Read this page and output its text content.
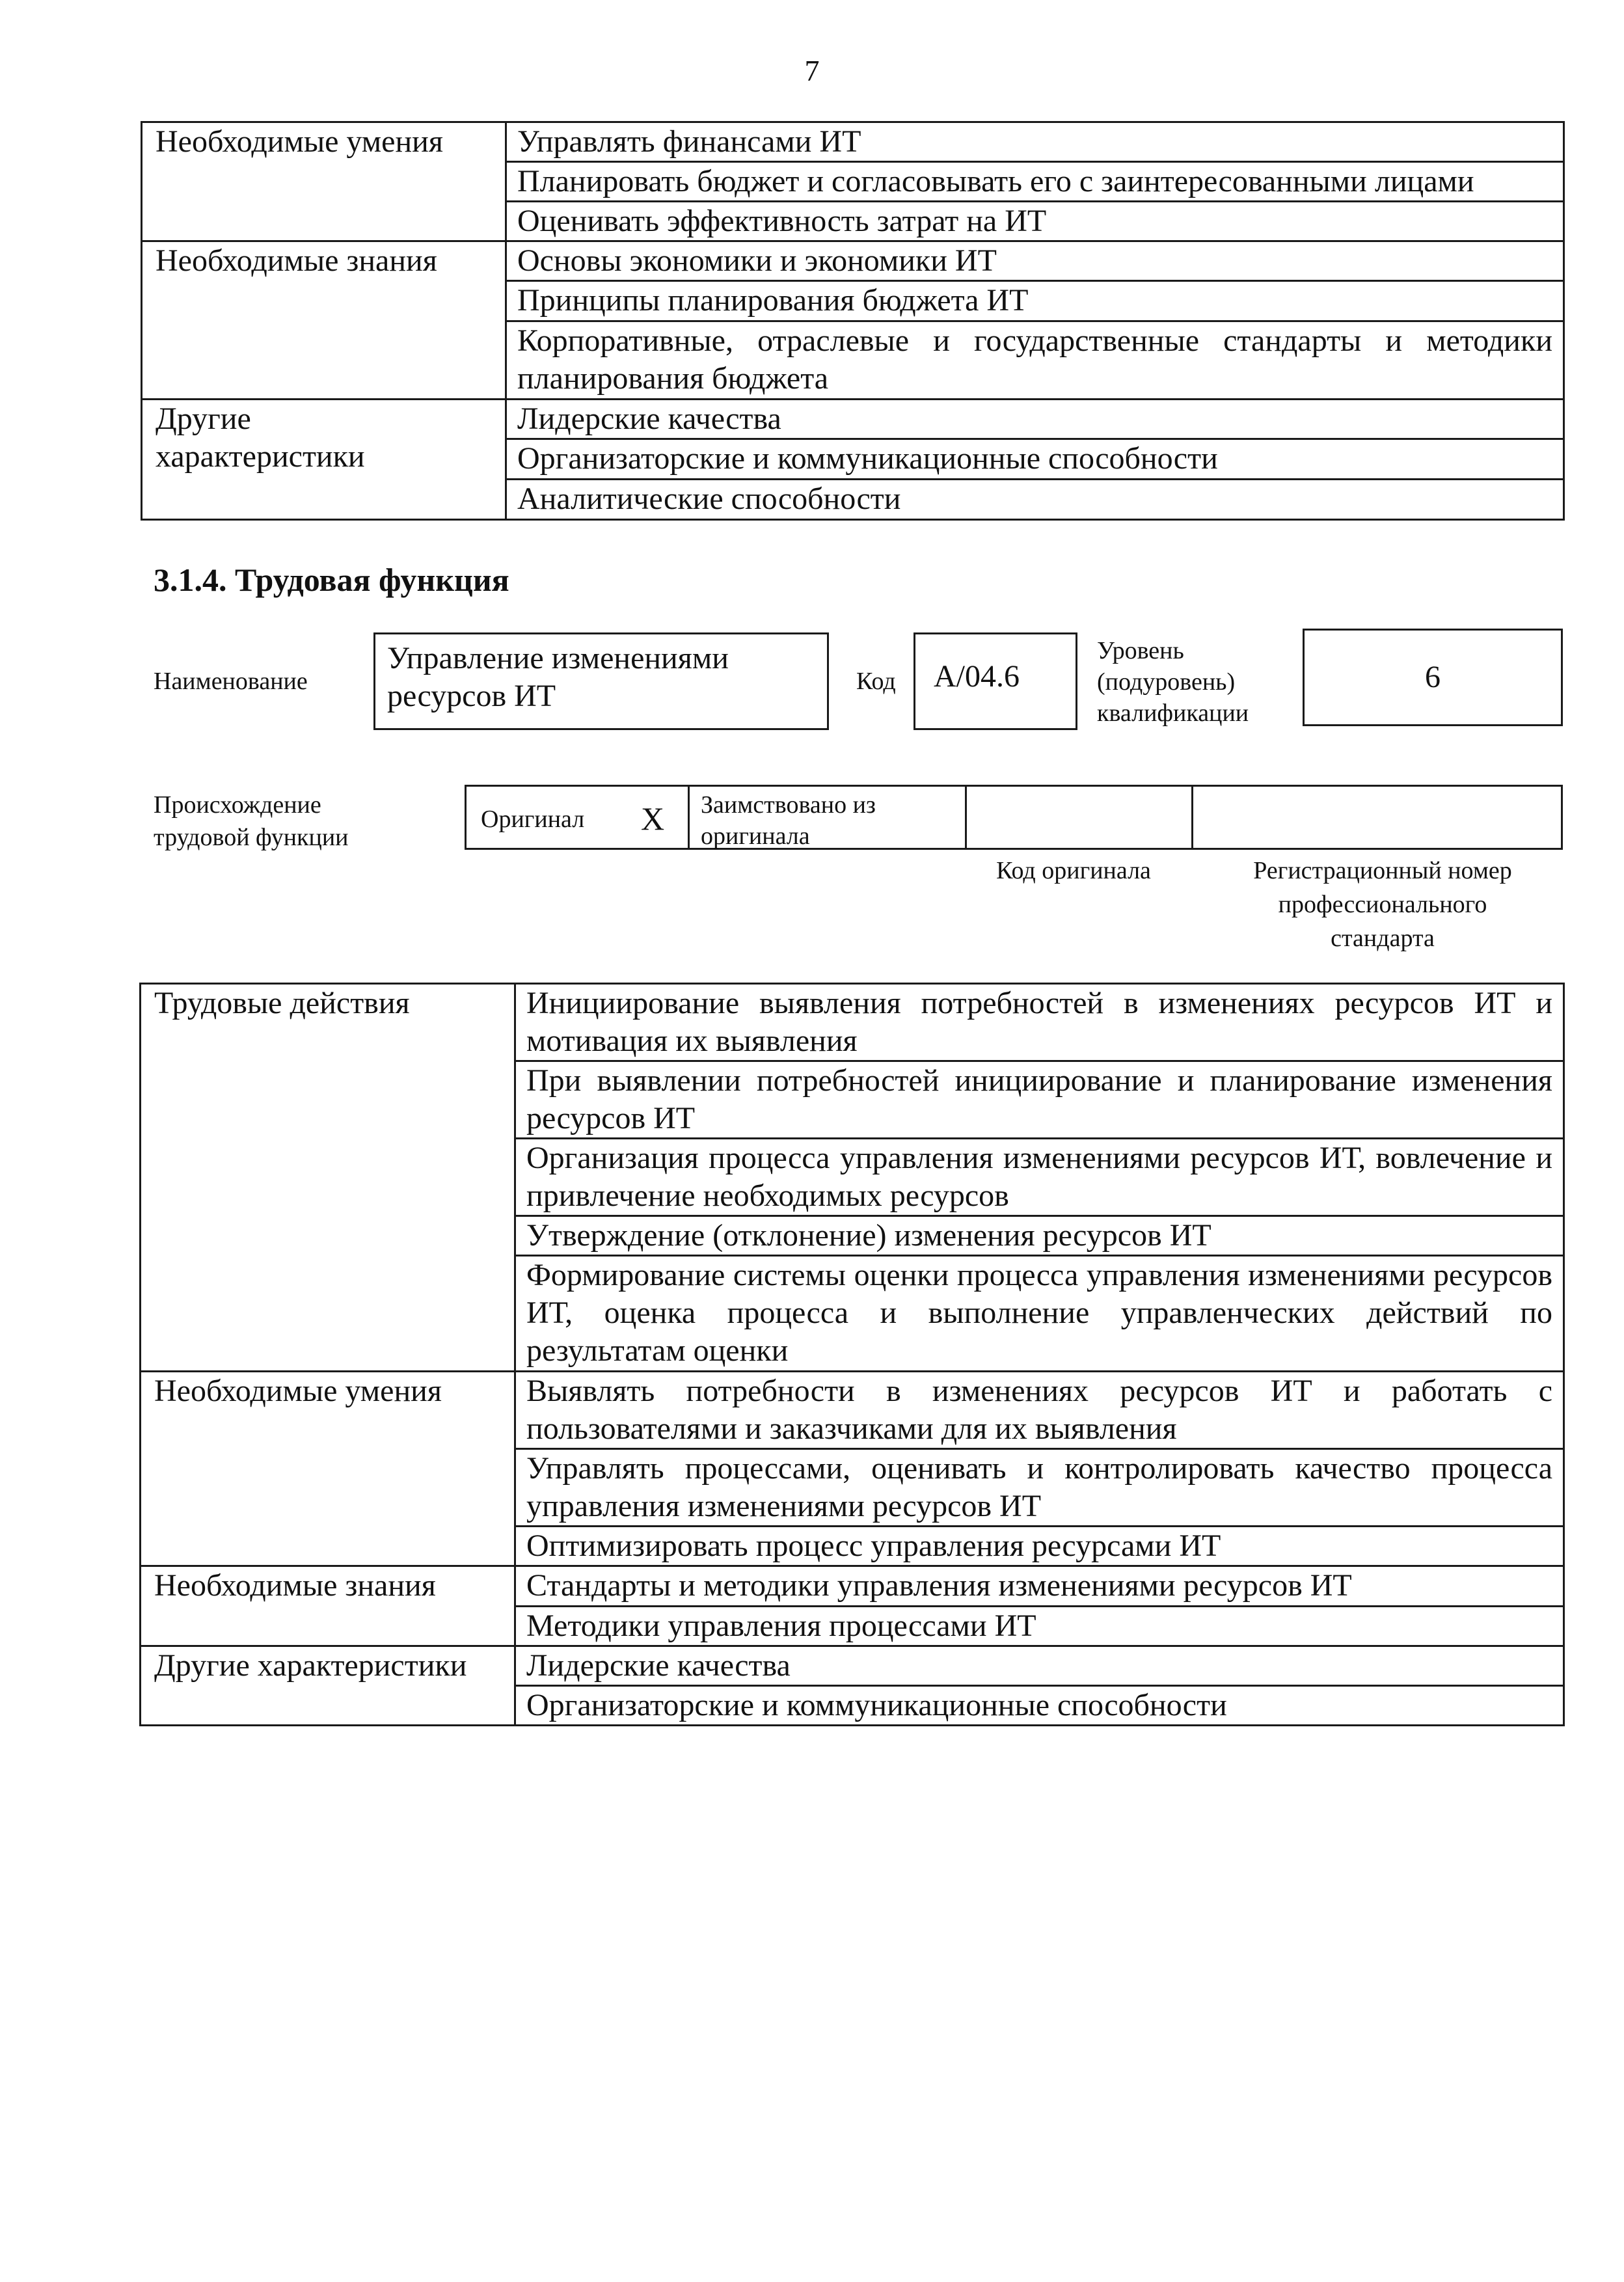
7
Необходимые умения	Управлять финансами ИТ
	Планировать бюджет и согласовывать его с заинтересованными лицами
	Оценивать эффективность затрат на ИТ
Необходимые знания	Основы экономики и экономики ИТ
	Принципы планирования бюджета ИТ
	Корпоративные, отраслевые и государственные стандарты и методики планирования бюджета

Другие характеристики	Лидерские качества
	Организаторские и коммуникационные способности
	Аналитические способности
3.1.4. Трудовая функция
Наименование
Управление изменениями ресурсов ИТ	Код	A/04.6
Уровень (подуровень) квалификации
6
Происхождение трудовой функции
Оригинал X Заимствовано из оригинала
Код оригинала	Регистрационный номер профессионального стандарта
Трудовые действия	Инициирование выявления потребностей в изменениях ресурсов ИТ и мотивация их выявления
	При выявлении потребностей инициирование и планирование изменения ресурсов ИТ
	Организация процесса управления изменениями ресурсов ИТ, вовлечение и привлечение необходимых ресурсов
	Утверждение (отклонение) изменения ресурсов ИТ
	Формирование системы оценки процесса управления изменениями ресурсов ИТ, оценка процесса и выполнение управленческих действий по результатам оценки
Необходимые умения	Выявлять потребности в изменениях ресурсов ИТ и работать с пользователями и заказчиками для их выявления
	Управлять процессами, оценивать и контролировать качество процесса управления изменениями ресурсов ИТ
	Оптимизировать процесс управления ресурсами ИТ
Необходимые знания	Стандарты и методики управления изменениями ресурсов ИТ
	Методики управления процессами ИТ
Другие характеристики	Лидерские качества
	Организаторские и коммуникационные способности
